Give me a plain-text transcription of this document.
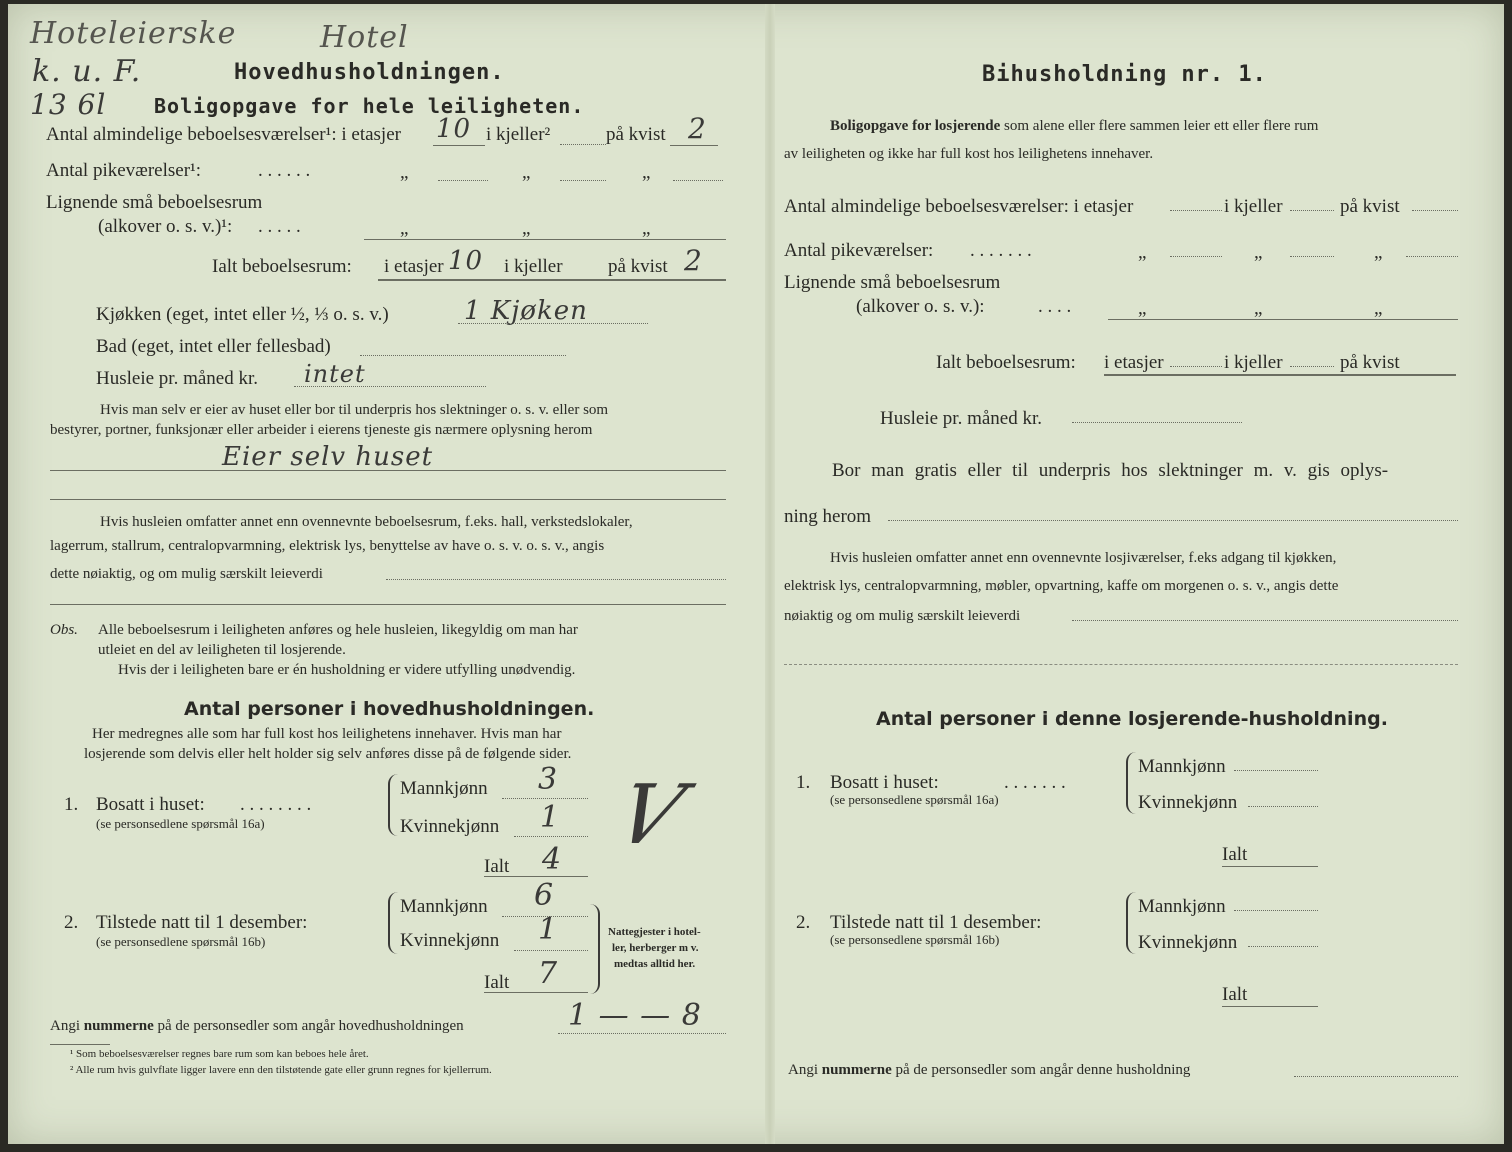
Hoteleierske	Hotel
k. u. F.
13 6l
Hovedhusholdningen.
Boligopgave for hele leiligheten.
Antal almindelige beboelsesværelser¹: i etasjer 10 i kjeller²	på kvist 2
Antal pikeværelser¹:	. . . . . .	„	„	„
Lignende små beboelsesrum
(alkover o. s. v.)¹: . . . . .	„	„	„
Ialt beboelsesrum: i etasjer 10 i kjeller på kvist 2
Kjøkken (eget, intet eller ½, ⅓ o. s. v.)	1 Kjøken
Bad (eget, intet eller fellesbad)
Husleie pr. måned kr. intet
Hvis man selv er eier av huset eller bor til underpris hos slektninger o. s. v. eller som
bestyrer, portner, funksjonær eller arbeider i eierens tjeneste gis nærmere oplysning herom
Eier selv huset
Hvis husleien omfatter annet enn ovennevnte beboelsesrum, f.eks. hall, verkstedslokaler,
lagerrum, stallrum, centralopvarmning, elektrisk lys, benyttelse av have o. s. v. o. s. v., angis
dette nøiaktig, og om mulig særskilt leieverdi
Obs. Alle beboelsesrum i leiligheten anføres og hele husleien, likegyldig om man har
utleiet en del av leiligheten til losjerende.
Hvis der i leiligheten bare er én husholdning er videre utfylling unødvendig.
Antal personer i hovedhusholdningen.
Her medregnes alle som har full kost hos leilighetens innehaver. Hvis man har
losjerende som delvis eller helt holder sig selv anføres disse på de følgende sider.
1. Bosatt i huset: . . . . . . . .
(se personsedlene spørsmål 16a)
Mannkjønn 3
Kvinnekjønn 1
Ialt 4 V
2. Tilstede natt til 1 desember:
(se personsedlene spørsmål 16b)
Mannkjønn 6
Kvinnekjønn 1
Ialt 7
Nattegjester i hotel-
ler, herberger m v.
medtas alltid her.
Angi nummerne på de personsedler som angår hovedhusholdningen	1 — — 8
¹ Som beboelsesværelser regnes bare rum som kan beboes hele året.
² Alle rum hvis gulvflate ligger lavere enn den tilstøtende gate eller grunn regnes for kjellerrum.
Bihusholdning nr. 1.
Boligopgave for losjerende som alene eller flere sammen leier ett eller flere rum
av leiligheten og ikke har full kost hos leilighetens innehaver.
Antal almindelige beboelsesværelser: i etasjer	i kjeller	på kvist
Antal pikeværelser: . . . . . . .	„	„	„
Lignende små beboelsesrum
(alkover o. s. v.):	. . . .	„	„	„
Ialt beboelsesrum: i etasjer	i kjeller	på kvist
Husleie pr. måned kr.
Bor man gratis eller til underpris hos slektninger m. v. gis oplys-
ning herom
Hvis husleien omfatter annet enn ovennevnte losjiværelser, f.eks adgang til kjøkken,
elektrisk lys, centralopvarmning, møbler, opvartning, kaffe om morgenen o. s. v., angis dette
nøiaktig og om mulig særskilt leieverdi
Antal personer i denne losjerende-husholdning.
1. Bosatt i huset:	. . . . . . .
(se personsedlene spørsmål 16a)
Mannkjønn
Kvinnekjønn
Ialt
2. Tilstede natt til 1 desember:
(se personsedlene spørsmål 16b)
Mannkjønn
Kvinnekjønn
Ialt
Angi nummerne på de personsedler som angår denne husholdning
